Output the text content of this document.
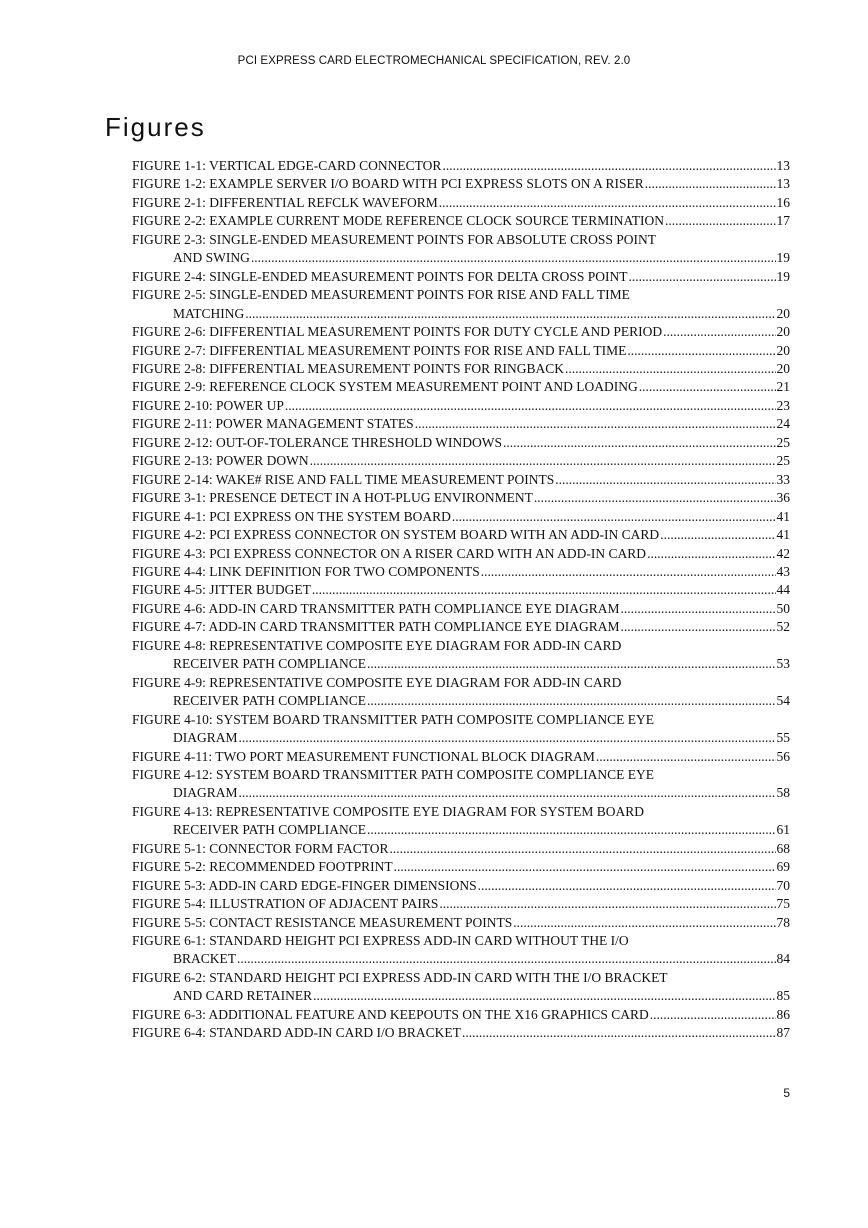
PCI EXPRESS CARD ELECTROMECHANICAL SPECIFICATION, REV. 2.0
Figures
FIGURE 1-1: VERTICAL EDGE-CARD CONNECTOR .....	13
FIGURE 1-2: EXAMPLE SERVER I/O BOARD WITH PCI EXPRESS SLOTS ON A RISER .....	13
FIGURE 2-1: DIFFERENTIAL REFCLK WAVEFORM .....	16
FIGURE 2-2: EXAMPLE CURRENT MODE REFERENCE CLOCK SOURCE TERMINATION .....	17
FIGURE 2-3: SINGLE-ENDED MEASUREMENT POINTS FOR ABSOLUTE CROSS POINT
AND SWING .....	19
FIGURE 2-4: SINGLE-ENDED MEASUREMENT POINTS FOR DELTA CROSS POINT .....	19
FIGURE 2-5: SINGLE-ENDED MEASUREMENT POINTS FOR RISE AND FALL TIME
MATCHING .....	20
FIGURE 2-6: DIFFERENTIAL MEASUREMENT POINTS FOR DUTY CYCLE AND PERIOD .....	20
FIGURE 2-7: DIFFERENTIAL MEASUREMENT POINTS FOR RISE AND FALL TIME .....	20
FIGURE 2-8: DIFFERENTIAL MEASUREMENT POINTS FOR RINGBACK .....	20
FIGURE 2-9: REFERENCE CLOCK SYSTEM MEASUREMENT POINT AND LOADING .....	21
FIGURE 2-10: POWER UP .....	23
FIGURE 2-11: POWER MANAGEMENT STATES .....	24
FIGURE 2-12: OUT-OF-TOLERANCE THRESHOLD WINDOWS .....	25
FIGURE 2-13: POWER DOWN .....	25
FIGURE 2-14: WAKE# RISE AND FALL TIME MEASUREMENT POINTS .....	33
FIGURE 3-1: PRESENCE DETECT IN A HOT-PLUG ENVIRONMENT .....	36
FIGURE 4-1: PCI EXPRESS ON THE SYSTEM BOARD .....	41
FIGURE 4-2: PCI EXPRESS CONNECTOR ON SYSTEM BOARD WITH AN ADD-IN CARD .....	41
FIGURE 4-3: PCI EXPRESS CONNECTOR ON A RISER CARD WITH AN ADD-IN CARD .....	42
FIGURE 4-4: LINK DEFINITION FOR TWO COMPONENTS .....	43
FIGURE 4-5: JITTER BUDGET .....	44
FIGURE 4-6: ADD-IN CARD TRANSMITTER PATH COMPLIANCE EYE DIAGRAM .....	50
FIGURE 4-7: ADD-IN CARD TRANSMITTER PATH COMPLIANCE EYE DIAGRAM .....	52
FIGURE 4-8: REPRESENTATIVE COMPOSITE EYE DIAGRAM FOR ADD-IN CARD
RECEIVER PATH COMPLIANCE .....	53
FIGURE 4-9: REPRESENTATIVE COMPOSITE EYE DIAGRAM FOR ADD-IN CARD
RECEIVER PATH COMPLIANCE .....	54
FIGURE 4-10: SYSTEM BOARD TRANSMITTER PATH COMPOSITE COMPLIANCE EYE
DIAGRAM .....	55
FIGURE 4-11: TWO PORT MEASUREMENT FUNCTIONAL BLOCK DIAGRAM .....	56
FIGURE 4-12: SYSTEM BOARD TRANSMITTER PATH COMPOSITE COMPLIANCE EYE
DIAGRAM .....	58
FIGURE 4-13: REPRESENTATIVE COMPOSITE EYE DIAGRAM FOR SYSTEM BOARD
RECEIVER PATH COMPLIANCE .....	61
FIGURE 5-1: CONNECTOR FORM FACTOR .....	68
FIGURE 5-2: RECOMMENDED FOOTPRINT .....	69
FIGURE 5-3: ADD-IN CARD EDGE-FINGER DIMENSIONS .....	70
FIGURE 5-4: ILLUSTRATION OF ADJACENT PAIRS .....	75
FIGURE 5-5: CONTACT RESISTANCE MEASUREMENT POINTS .....	78
FIGURE 6-1: STANDARD HEIGHT PCI EXPRESS ADD-IN CARD WITHOUT THE I/O
BRACKET .....	84
FIGURE 6-2: STANDARD HEIGHT PCI EXPRESS ADD-IN CARD WITH THE I/O BRACKET
AND CARD RETAINER .....	85
FIGURE 6-3: ADDITIONAL FEATURE AND KEEPOUTS ON THE X16 GRAPHICS CARD .....	86
FIGURE 6-4: STANDARD ADD-IN CARD I/O BRACKET .....	87
5
